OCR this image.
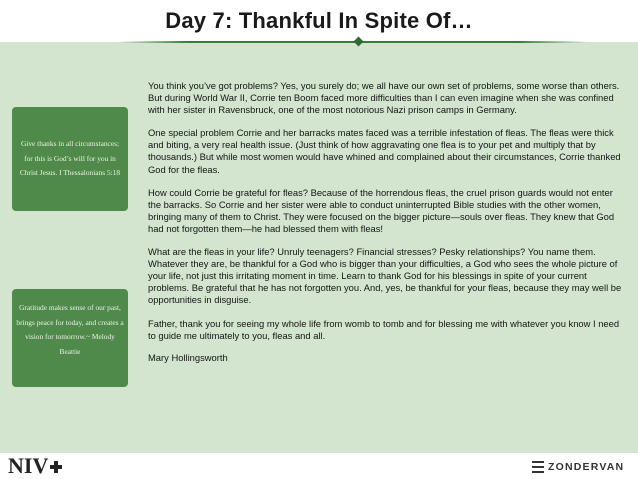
Day 7: Thankful In Spite Of…
Give thanks in all circumstances; for this is God’s will for you in Christ Jesus. I Thessalonians 5:18
Gratitude makes sense of our past, brings peace for today, and creates a vision for tomorrow.~ Melody Beattie

You think you’ve got problems? Yes, you surely do; we all have our own set of problems, some worse than others. But during World War II, Corrie ten Boom faced more difficulties than I can even imagine when she was confined with her sister in Ravensbruck, one of the most notorious Nazi prison camps in Germany.

One special problem Corrie and her barracks mates faced was a terrible infestation of fleas. The fleas were thick and biting, a very real health issue. (Just think of how aggravating one flea is to your pet and multiply that by thousands.) But while most women would have whined and complained about their circumstances, Corrie thanked God for the fleas.

How could Corrie be grateful for fleas? Because of the horrendous fleas, the cruel prison guards would not enter the barracks. So Corrie and her sister were able to conduct uninterrupted Bible studies with the other women, bringing many of them to Christ. They were focused on the bigger picture—souls over fleas. They knew that God had not forgotten them—he had blessed them with fleas!

What are the fleas in your life? Unruly teenagers? Financial stresses? Pesky relationships? You name them. Whatever they are, be thankful for a God who is bigger than your difficulties, a God who sees the whole picture of your life, not just this irritating moment in time. Learn to thank God for his blessings in spite of your current problems. Be grateful that he has not forgotten you. And, yes, be thankful for your fleas, because they may well be opportunities in disguise.

Father, thank you for seeing my whole life from womb to tomb and for blessing me with whatever you know I need to guide me ultimately to you, fleas and all.

Mary Hollingsworth

NIV	ZONDERVAN
